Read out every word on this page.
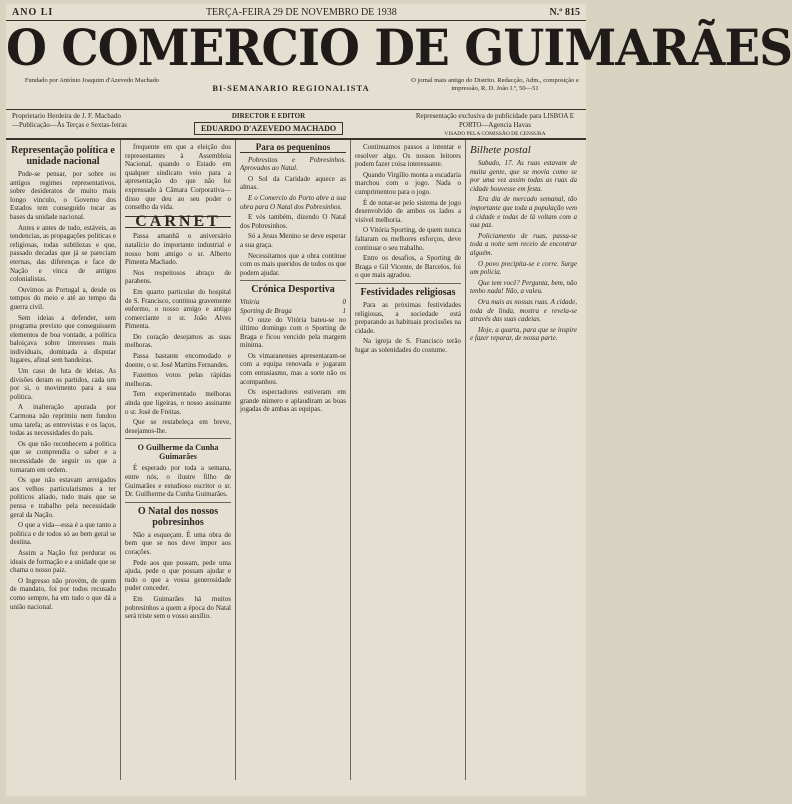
ANO LI	TERÇA-FEIRA 29 DE NOVEMBRO DE 1938	N.º 815
O COMERCIO DE GUIMARÃES
Fundado por António Joaquim d'Azevedo Machado
BI-SEMANARIO REGIONALISTA
O jornal mais antigo do Distrito. Redacção, Adm., composição e impressão, R. D. João I.º, 50—51
Proprietario Herdeira de J. F. Machado
—Publicação—Às Terças e Sextas-feiras
DIRECTOR E EDITOR
EDUARDO D'AZEVEDO MACHADO
Representação exclusiva de publicidade para LISBOA E PORTO—Agencia Havas
VISADO PELA COMISSÃO DE CENSURA
Representação política e unidade nacional

Pode-se pensar, por sobre os antigos regimes representativos, sobre desideratos de muito mais longo vinculo, o Governo dos Estados tem conseguido tocar as bases da unidade nacional.

Antes e antes de tudo, estáveis, as tendencias, as propagações politicas e religiosas, todas subtilezas e que, passado decadas que já se pareciam eternas, das diferenças e face de Nação e vinca de antigos colonialistas.

Ouvimos as Portugal a, desde os tempos do meio e até ao tempo da guerra civil.

Sem ideias a defender, sem programa previsto que conseguissem elementos de boa vontade, a politica baloiçava sobre interesses mais individuais, dominada a disputar lugares, afinal sem bandeiras.

Um caso de luta de ideias. As divisões deram os partidos, cada um por si, o movimento para a sua politica.

A inalteração apurada por Carmona não reprimiu nem fundou uma tarefa; as entrevistas e os laços, todas as necessidades do país.

Os que não reconhecem a politica que se comprendia o saber e a necessidade de seguir os que a tornaram em ordem.

Os que não estavam arreigados aos velhos particularismos a ter politicos aliado, tudo mais que se pensa e trabalho pela necessidade geral da Nação.

O que a vida—essa é a que tanto a politica e de todos só ao bem geral se destina.

Assim a Nação fez perdurar os ideais de formação e a unidade que se chama o nosso paiz.

O Ingresso não provém, de quem de mandato, foi por todos recusado como sempre, ha em tudo o que dá a união nacional.

frequente em que a eleição dos representantes à Assembleia Nacional, quando o Estado em qualquer sindicato veio para a apresentação do que não foi expressado à Câmara Corporativa—disso que deu ao seu poder o conselho da vida.

CARNET

Passa amanhã o aniversário natalício do importante industrial e nosso bom amigo o sr. Alberto Pimenta Machado.

Nos respeitosos abraço de parabens.

Em quarto particular do hospital de S. Francisco, continua gravemente enfermo, o nosso amigo e antigo comerciante o sr. João Alves Pimenta.

Do coração desejamos as suas melhoras.

Passa bastante encomodado e doente, o sr. José Martins Fernandes.

Fazemos votos pelas rápidas melhoras.

Tem experimentado melhoras ainda que ligeiras, o nosso assinante o sr. José de Freitas.

Que se restabeleça em breve, desejamos-lhe.

O Guilherme da Cunha Guimarães

É esperado por toda a semana, entre nós, o ilustre filho de Guimarães e estudioso escritor o sr. Dr. Guilherme da Cunha Guimarães.

O Natal dos nossos pobresinhos

Não a esqueçam. É uma obra de bem que se nos deve impor aos corações.

Pede aos que possam, pede uma ajuda, pede o que possam ajudar e tudo o que a vossa generosidade puder conceder.

Em Guimarães há muitos pobresinhos a quem a época do Natal será triste sem o vosso auxílio.

Para os pequeninos

Pobresitos e Pobresinhos. Aprovados ao Natal.

O Sol da Caridade aquece as almas.

E o Comercio do Porto abre a sua obra para O Natal dos Pobresinhos.

E vós também, dizendo O Natal dos Pobresinhos.

Só a Jesus Menino se deve esperar a sua graça.

Necessitamos que a obra continue com os mais queridos de todos os que podem ajudar.

Crónica Desportiva
Vitória	0
Sporting de Braga	1

O onze do Vitória bateu-se no último domingo com o Sporting de Braga e ficou vencido pela margem mínima.

Os vimaranenses apresentaram-se com a equipa renovada e jogaram com entusiasmo, mas a sorte não os acompanhou.

Os espectadores estiveram em grande número e aplaudiram as boas jogadas de ambas as equipas.

Continuamos passos a intentar e resolver algo. Os nossos leitores podem fazer coisa interessante.

Quando Virgílio monta a escadaria marchou com o jogo. Nada o cumprimentou para o jogo.

É de notar-se pelo sistema de jogo desenvolvido de ambos os lados a visível melhoria.

O Vitória Sporting, de quem nunca faltaram os melhores esforços, deve continuar o seu trabalho.

Entre os desafios, a Sporting de Braga e Gil Vicente, de Barcelos, foi o que mais agradou.

Festividades religiosas

Para as próximas festividades religiosas, a sociedade está preparando as habituais procissões na cidade.

Na igreja de S. Francisco terão lugar as solenidades do costume.

Bilhete postal

Sabado, 17. As ruas estavam de muita gente, que se movia como se por uma vez assim todas as ruas da cidade houvesse em festa.

Era dia de mercado semanal, tão importante que toda a população vem à cidade e todas de lá voltam com a sua paz.

Policiamento de ruas, passa-se toda a noite sem receio de encontrar alguém.

O povo precipita-se e corre. Surge um policia.

Que tem você? Pergunta, bem, não tenho nada! Não, a valeu.

Ora mais as nossas ruas. A cidade, toda de linda, mostra e revela-se através das suas cadeias.

Hoje, a quarta, para que se inspire e fazer reparar, de nossa parte.
